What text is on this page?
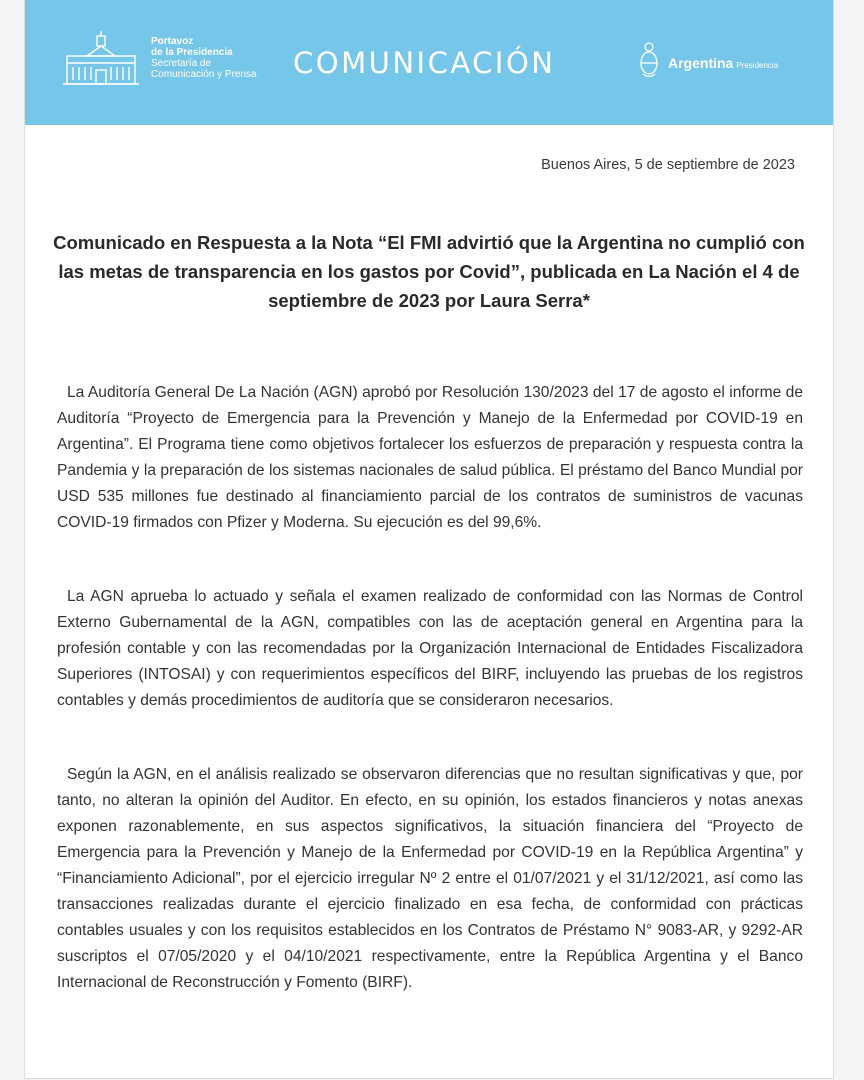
Portavoz
de la Presidencia
Secretaría de
Comunicación y Prensa COMUNICACIÓN	Argentina Presidencia
Buenos Aires, 5 de septiembre de 2023
Comunicado en Respuesta a la Nota “El FMI advirtió que la Argentina no cumplió con las metas de transparencia en los gastos por Covid”, publicada en La Nación el 4 de septiembre de 2023 por Laura Serra*

La Auditoría General De La Nación (AGN) aprobó por Resolución 130/2023 del 17 de agosto el informe de Auditoría “Proyecto de Emergencia para la Prevención y Manejo de la Enfermedad por COVID-19 en Argentina”. El Programa tiene como objetivos fortalecer los esfuerzos de preparación y respuesta contra la Pandemia y la preparación de los sistemas nacionales de salud pública. El préstamo del Banco Mundial por USD 535 millones fue destinado al financiamiento parcial de los contratos de suministros de vacunas COVID-19 firmados con Pfizer y Moderna. Su ejecución es del 99,6%.

La AGN aprueba lo actuado y señala el examen realizado de conformidad con las Normas de Control Externo Gubernamental de la AGN, compatibles con las de aceptación general en Argentina para la profesión contable y con las recomendadas por la Organización Internacional de Entidades Fiscalizadora Superiores (INTOSAI) y con requerimientos específicos del BIRF, incluyendo las pruebas de los registros contables y demás procedimientos de auditoría que se consideraron necesarios.

Según la AGN, en el análisis realizado se observaron diferencias que no resultan significativas y que, por tanto, no alteran la opinión del Auditor. En efecto, en su opinión, los estados financieros y notas anexas exponen razonablemente, en sus aspectos significativos, la situación financiera del “Proyecto de Emergencia para la Prevención y Manejo de la Enfermedad por COVID-19 en la República Argentina” y “Financiamiento Adicional”, por el ejercicio irregular Nº 2 entre el 01/07/2021 y el 31/12/2021, así como las transacciones realizadas durante el ejercicio finalizado en esa fecha, de conformidad con prácticas contables usuales y con los requisitos establecidos en los Contratos de Préstamo N° 9083-AR, y 9292-AR suscriptos el 07/05/2020 y el 04/10/2021 respectivamente, entre la República Argentina y el Banco Internacional de Reconstrucción y Fomento (BIRF).
